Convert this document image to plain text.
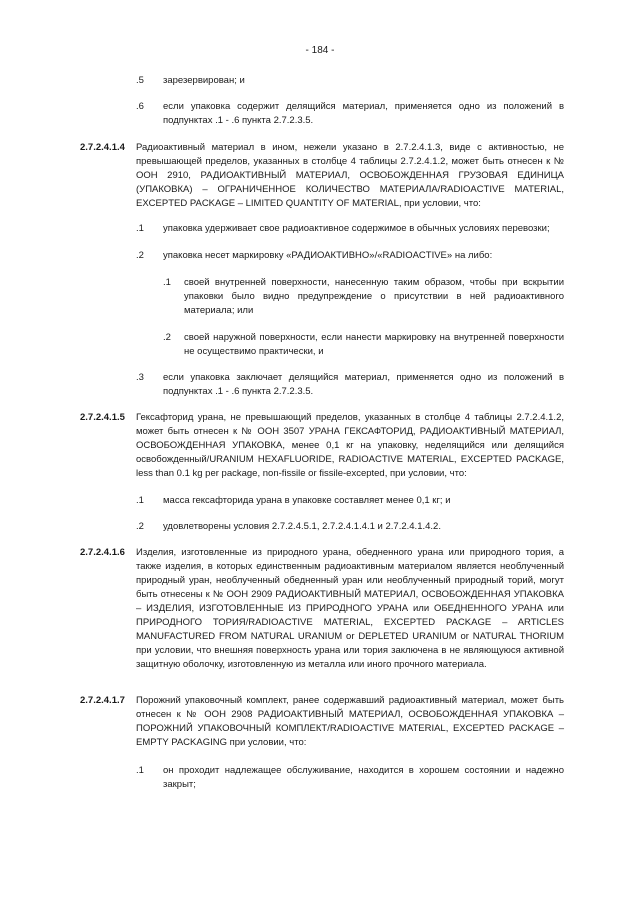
- 184 -
.5 зарезервирован; и
.6 если упаковка содержит делящийся материал, применяется одно из положений в подпунктах .1 - .6 пункта 2.7.2.3.5.
2.7.2.4.1.4 Радиоактивный материал в ином, нежели указано в 2.7.2.4.1.3, виде с активностью, не превышающей пределов, указанных в столбце 4 таблицы 2.7.2.4.1.2, может быть отнесен к № ООН 2910, РАДИОАКТИВНЫЙ МАТЕРИАЛ, ОСВОБОЖДЕННАЯ ГРУЗОВАЯ ЕДИНИЦА (УПАКОВКА) – ОГРАНИЧЕННОЕ КОЛИЧЕСТВО МАТЕРИАЛА/RADIOACTIVE MATERIAL, EXCEPTED PACKAGE – LIMITED QUANTITY OF MATERIAL, при условии, что:
.1 упаковка удерживает свое радиоактивное содержимое в обычных условиях перевозки;
.2 упаковка несет маркировку «РАДИОАКТИВНО»/«RADIOACTIVE» на либо:
.1 своей внутренней поверхности, нанесенную таким образом, чтобы при вскрытии упаковки было видно предупреждение о присутствии в ней радиоактивного материала; или
.2 своей наружной поверхности, если нанести маркировку на внутренней поверхности не осуществимо практически, и
.3 если упаковка заключает делящийся материал, применяется одно из положений в подпунктах .1 - .6 пункта 2.7.2.3.5.
2.7.2.4.1.5 Гексафторид урана, не превышающий пределов, указанных в столбце 4 таблицы 2.7.2.4.1.2, может быть отнесен к № ООН 3507 УРАНА ГЕКСАФТОРИД, РАДИОАКТИВНЫЙ МАТЕРИАЛ, ОСВОБОЖДЕННАЯ УПАКОВКА, менее 0,1 кг на упаковку, неделящийся или делящийся освобожденный/URANIUM HEXAFLUORIDE, RADIOACTIVE MATERIAL, EXCEPTED PACKAGE, less than 0.1 kg per package, non-fissile or fissile-excepted, при условии, что:
.1 масса гексафторида урана в упаковке составляет менее 0,1 кг; и
.2 удовлетворены условия 2.7.2.4.5.1, 2.7.2.4.1.4.1 и 2.7.2.4.1.4.2.
2.7.2.4.1.6 Изделия, изготовленные из природного урана, обедненного урана или природного тория, а также изделия, в которых единственным радиоактивным материалом является необлученный природный уран, необлученный обедненный уран или необлученный природный торий, могут быть отнесены к № ООН 2909 РАДИОАКТИВНЫЙ МАТЕРИАЛ, ОСВОБОЖДЕННАЯ УПАКОВКА – ИЗДЕЛИЯ, ИЗГОТОВЛЕННЫЕ ИЗ ПРИРОДНОГО УРАНА или ОБЕДНЕННОГО УРАНА или ПРИРОДНОГО ТОРИЯ/RADIOACTIVE MATERIAL, EXCEPTED PACKAGE – ARTICLES MANUFACTURED FROM NATURAL URANIUM or DEPLETED URANIUM or NATURAL THORIUM при условии, что внешняя поверхность урана или тория заключена в не являющуюся активной защитную оболочку, изготовленную из металла или иного прочного материала.
2.7.2.4.1.7 Порожний упаковочный комплект, ранее содержавший радиоактивный материал, может быть отнесен к № ООН 2908 РАДИОАКТИВНЫЙ МАТЕРИАЛ, ОСВОБОЖДЕННАЯ УПАКОВКА – ПОРОЖНИЙ УПАКОВОЧНЫЙ КОМПЛЕКТ/RADIOACTIVE MATERIAL, EXCEPTED PACKAGE – EMPTY PACKAGING при условии, что:
.1 он проходит надлежащее обслуживание, находится в хорошем состоянии и надежно закрыт;
